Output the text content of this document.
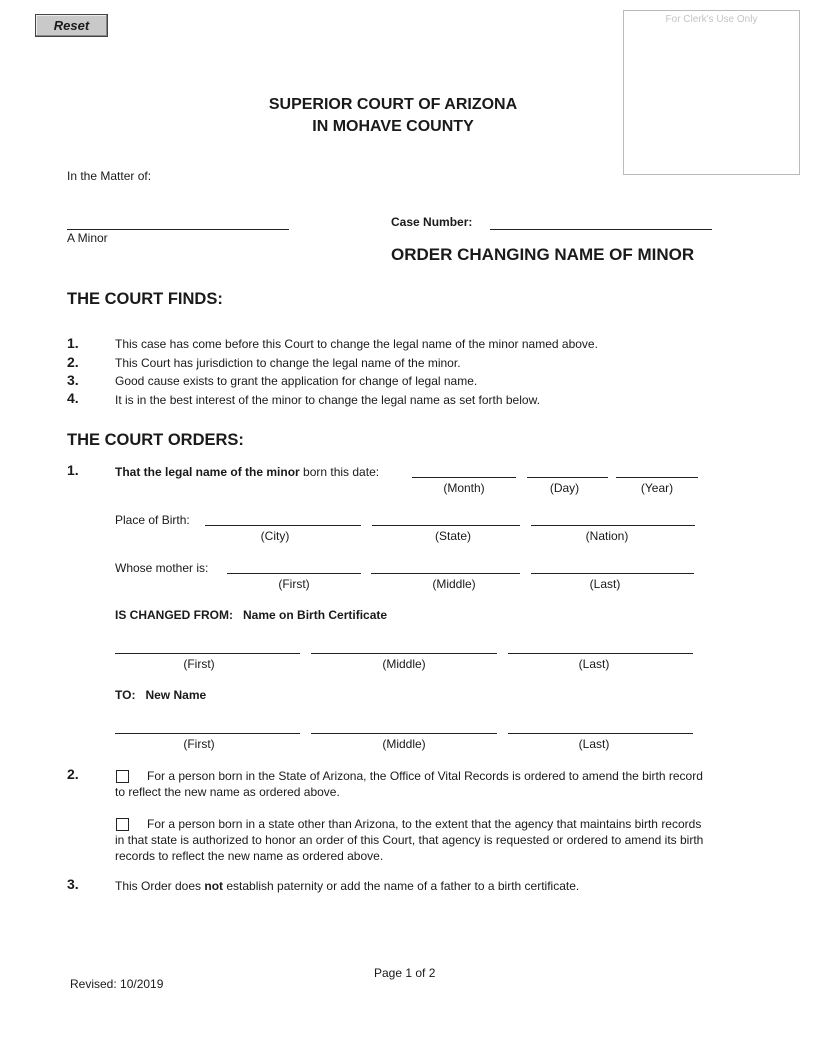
Reset	For Clerk's Use Only
SUPERIOR COURT OF ARIZONA
IN MOHAVE COUNTY
In the Matter of:
A Minor
Case Number:
ORDER CHANGING NAME OF MINOR
THE COURT FINDS:
1.	This case has come before this Court to change the legal name of the minor named above.
2.	This Court has jurisdiction to change the legal name of the minor.
3.	Good cause exists to grant the application for change of legal name.
4.	It is in the best interest of the minor to change the legal name as set forth below.
THE COURT ORDERS:
1.	That the legal name of the minor born this date:
(Month)	(Day)	(Year)
Place of Birth:
(City)	(State)	(Nation)
Whose mother is:
(First)	(Middle)	(Last)
IS CHANGED FROM: Name on Birth Certificate
(First)	(Middle)	(Last)
TO: New Name
(First)	(Middle)	(Last)
2.	For a person born in the State of Arizona, the Office of Vital Records is ordered to amend the birth record to reflect the new name as ordered above.
For a person born in a state other than Arizona, to the extent that the agency that maintains birth records in that state is authorized to honor an order of this Court, that agency is requested or ordered to amend its birth records to reflect the new name as ordered above.
3.	This Order does not establish paternity or add the name of a father to a birth certificate.
Page 1 of 2
Revised: 10/2019
